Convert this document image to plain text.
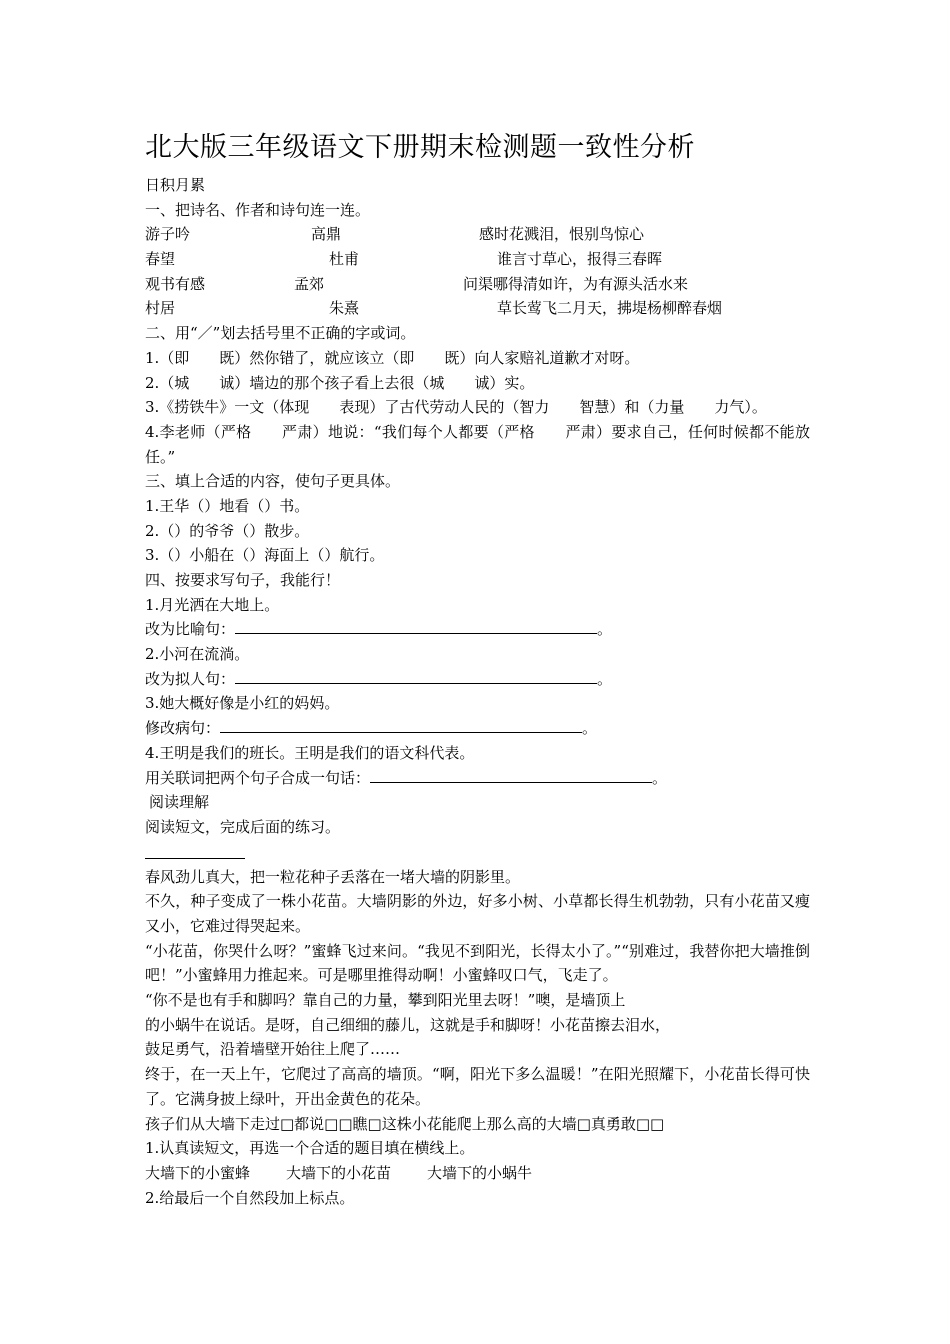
北大版三年级语文下册期末检测题一致性分析
日积月累
一、把诗名、作者和诗句连一连。
游子吟	高鼎	感时花溅泪，恨别鸟惊心
春望	杜甫	谁言寸草心，报得三春晖
观书有感	孟郊	问渠哪得清如许，为有源头活水来
村居	朱熹	草长莺飞二月天，拂堤杨柳醉春烟
二、用“／”划去括号里不正确的字或词。
1.（即　　既）然你错了，就应该立（即　　既）向人家赔礼道歉才对呀。
2.（城　　诚）墙边的那个孩子看上去很（城　　诚）实。
3.《捞铁牛》一文（体现　　表现）了古代劳动人民的（智力　　智慧）和（力量　　力气）。
4.李老师（严格　　严肃）地说：“我们每个人都要（严格　　严肃）要求自己，任何时候都不能放任。”
三、填上合适的内容，使句子更具体。
1.王华（）地看（）书。
2.（）的爷爷（）散步。
3.（）小船在（）海面上（）航行。
四、按要求写句子，我能行！
1.月光洒在大地上。
改为比喻句：	。
2.小河在流淌。
改为拟人句：	。
3.她大概好像是小红的妈妈。
修改病句：	。
4.王明是我们的班长。王明是我们的语文科代表。
用关联词把两个句子合成一句话：	。
阅读理解
阅读短文，完成后面的练习。
春风劲儿真大，把一粒花种子丢落在一堵大墙的阴影里。
不久，种子变成了一株小花苗。大墙阴影的外边，好多小树、小草都长得生机勃勃，只有小花苗又瘦又小，它难过得哭起来。
“小花苗，你哭什么呀？”蜜蜂飞过来问。“我见不到阳光，长得太小了。”“别难过，我替你把大墙推倒吧！”小蜜蜂用力推起来。可是哪里推得动啊！小蜜蜂叹口气，飞走了。
“你不是也有手和脚吗？靠自己的力量，攀到阳光里去呀！”噢，是墙顶上
的小蜗牛在说话。是呀，自己细细的藤儿，这就是手和脚呀！小花苗擦去泪水，
鼓足勇气，沿着墙壁开始往上爬了……
终于，在一天上午，它爬过了高高的墙顶。“啊，阳光下多么温暖！”在阳光照耀下，小花苗长得可快了。它满身披上绿叶，开出金黄色的花朵。
孩子们从大墙下走过□都说□□瞧□这株小花能爬上那么高的大墙□真勇敢□□
1.认真读短文，再选一个合适的题目填在横线上。
大墙下的小蜜蜂 大墙下的小花苗 大墙下的小蜗牛
2.给最后一个自然段加上标点。
